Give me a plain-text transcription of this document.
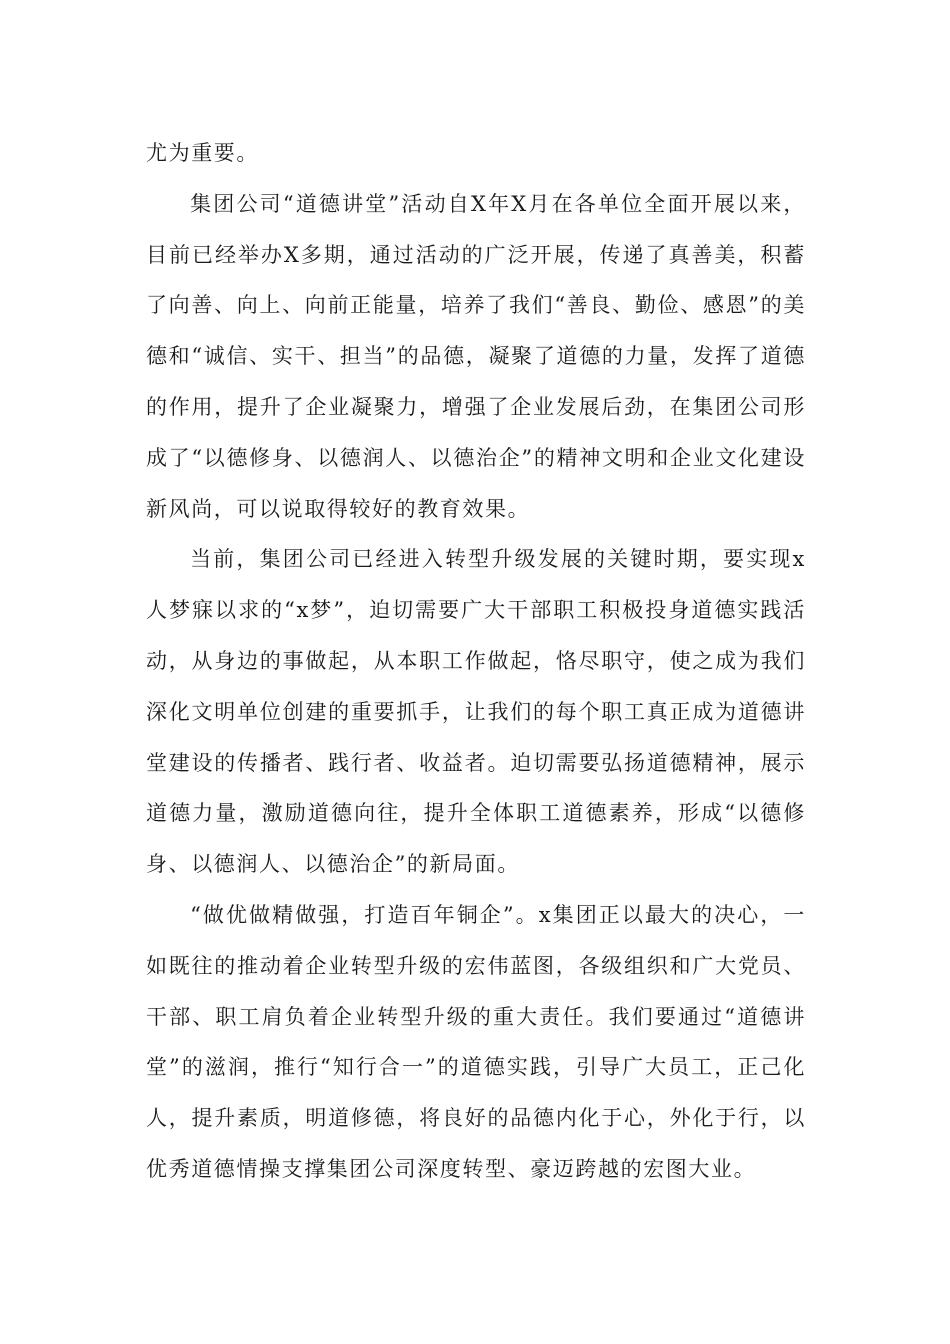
尤为重要。

集团公司“道德讲堂”活动自X年X月在各单位全面开展以来，目前已经举办X多期，通过活动的广泛开展，传递了真善美，积蓄了向善、向上、向前正能量，培养了我们“善良、勤俭、感恩”的美德和“诚信、实干、担当”的品德，凝聚了道德的力量，发挥了道德的作用，提升了企业凝聚力，增强了企业发展后劲，在集团公司形成了“以德修身、以德润人、以德治企”的精神文明和企业文化建设新风尚，可以说取得较好的教育效果。

当前，集团公司已经进入转型升级发展的关键时期，要实现x人梦寐以求的“x梦”，迫切需要广大干部职工积极投身道德实践活动，从身边的事做起，从本职工作做起，恪尽职守，使之成为我们深化文明单位创建的重要抓手，让我们的每个职工真正成为道德讲堂建设的传播者、践行者、收益者。迫切需要弘扬道德精神，展示道德力量，激励道德向往，提升全体职工道德素养，形成“以德修身、以德润人、以德治企”的新局面。

“做优做精做强，打造百年铜企”。x集团正以最大的决心，一如既往的推动着企业转型升级的宏伟蓝图，各级组织和广大党员、干部、职工肩负着企业转型升级的重大责任。我们要通过“道德讲堂”的滋润，推行“知行合一”的道德实践，引导广大员工，正己化人，提升素质，明道修德，将良好的品德内化于心，外化于行，以优秀道德情操支撑集团公司深度转型、豪迈跨越的宏图大业。
